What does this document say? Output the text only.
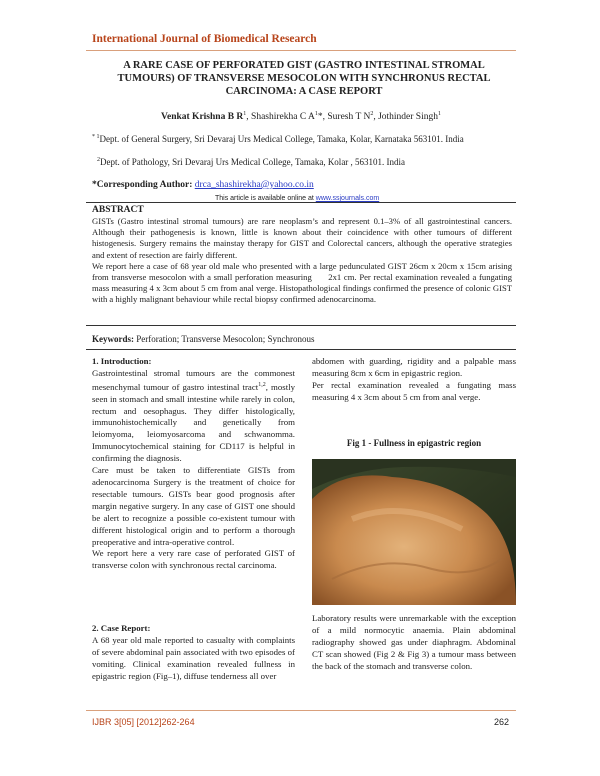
International Journal of Biomedical Research
A RARE CASE OF PERFORATED GIST (GASTRO INTESTINAL STROMAL TUMOURS) OF TRANSVERSE MESOCOLON WITH SYNCHRONUS RECTAL CARCINOMA: A CASE REPORT
Venkat Krishna B $R^1$, Shashirekha C $A^1*$, Suresh T $N^2$, Jothinder Singh$^1$
$^{* 1}$Dept. of General Surgery, Sri Devaraj Urs Medical College, Tamaka, Kolar, Karnataka 563101. India
$^2$Dept. of Pathology, Sri Devaraj Urs Medical College, Tamaka, Kolar , 563101. India
*Corresponding Author: drca_shashirekha@yahoo.co.in
This article is available online at www.ssjournals.com
ABSTRACT

GISTs (Gastro intestinal stromal tumours) are rare neoplasm’s and represent 0.1–3% of all gastrointestinal cancers. Although their pathogenesis is known, little is known about their coincidence with other tumours of different histogenesis. Surgery remains the mainstay therapy for GIST and Colorectal cancers, although the operative strategies and extent of resection are fairly different.

We report here a case of 68 year old male who presented with a large pedunculated GIST 26cm x 20cm x 15cm arising from transverse mesocolon with a small perforation measuring      2x1 cm. Per rectal examination revealed a fungating mass measuring 4 x 3cm about 5 cm from anal verge. Histopathological findings confirmed the presence of colonic GIST with a highly malignant behaviour while rectal biopsy confirmed adenocarcinoma.

Keywords: Perforation; Transverse Mesocolon; Synchronous

1. Introduction:

Gastrointestinal stromal tumours are the commonest mesenchymal tumour of gastro intestinal tract$^{1,2}$, mostly seen in stomach and small intestine while rarely in colon, rectum and oesophagus. They differ histologically, immunohistochemically and genetically from leiomyoma, leiomyosarcoma and schwanomma. Immunocytochemical staining for CD117 is helpful in confirming the diagnosis.

Care must be taken to differentiate GISTs from adenocarcinoma Surgery is the treatment of choice for resectable tumours. GISTs bear good prognosis after margin negative surgery. In any case of GIST one should be alert to recognize a possible co-existent tumour with different histological origin and to perform a thorough preoperative and intra-operative control.

We report here a very rare case of perforated GIST of transverse colon with synchronous rectal carcinoma.

2. Case Report:

A 68 year old male reported to casualty with complaints of severe abdominal pain associated with two episodes of vomiting. Clinical examination revealed fullness in epigastric region (Fig–1), diffuse tenderness all over

abdomen with guarding, rigidity and a palpable mass measuring 8cm x 6cm in epigastric region.

Per rectal examination revealed a fungating mass measuring 4 x 3cm about 5 cm from anal verge.

Fig 1 - Fullness in epigastric region

Laboratory results were unremarkable with the exception of a mild normocytic anaemia. Plain abdominal radiography showed gas under diaphragm. Abdominal CT scan showed (Fig 2 & Fig 3) a tumour mass between the back of the stomach and transverse colon.

IJBR 3[05] [2012]262-264	262
